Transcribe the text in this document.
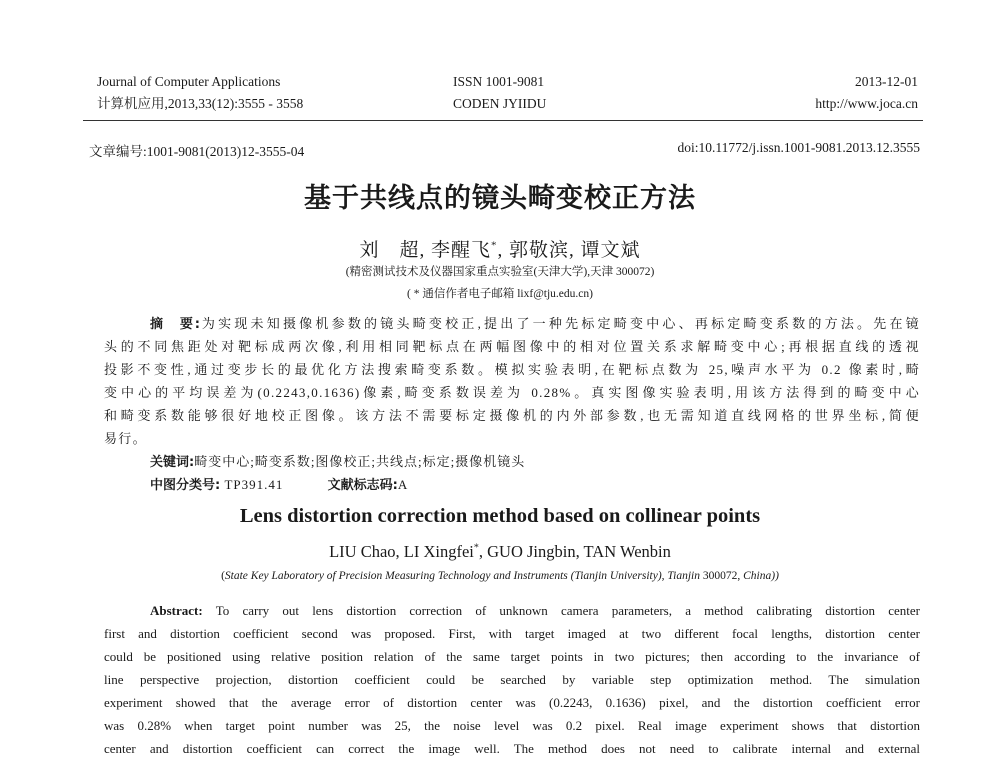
Journal of Computer Applications
计算机应用,2013,33(12):3555 - 3558
ISSN 1001-9081
CODEN JYIIDU
2013-12-01
http://www.joca.cn
文章编号:1001-9081(2013)12-3555-04	doi:10.11772/j.issn.1001-9081.2013.12.3555
基于共线点的镜头畸变校正方法
刘　超, 李醒飞*, 郭敬滨, 谭文斌
(精密测试技术及仪器国家重点实验室(天津大学),天津 300072)
( * 通信作者电子邮箱 lixf@tju.edu.cn)
摘　要:为实现未知摄像机参数的镜头畸变校正,提出了一种先标定畸变中心、再标定畸变系数的方法。先在镜
头的不同焦距处对靶标成两次像,利用相同靶标点在两幅图像中的相对位置关系求解畸变中心;再根据直线的透视
投影不变性,通过变步长的最优化方法搜索畸变系数。模拟实验表明,在靶标点数为 25,噪声水平为 0.2 像素时,畸
变中心的平均误差为(0.2243,0.1636)像素,畸变系数误差为 0.28%。真实图像实验表明,用该方法得到的畸变中心
和畸变系数能够很好地校正图像。该方法不需要标定摄像机的内外部参数,也无需知道直线网格的世界坐标,简便
易行。
关键词:畸变中心;畸变系数;图像校正;共线点;标定;摄像机镜头
中图分类号: TP391.41	文献标志码:A
Lens distortion correction method based on collinear points
LIU Chao, LI Xingfei*, GUO Jingbin, TAN Wenbin
(State Key Laboratory of Precision Measuring Technology and Instruments (Tianjin University), Tianjin 300072, China))
Abstract: To carry out lens distortion correction of unknown camera parameters, a method calibrating distortion center
first and distortion coefficient second was proposed. First, with target imaged at two different focal lengths, distortion center
could be positioned using relative position relation of the same target points in two pictures; then according to the invariance of
line perspective projection, distortion coefficient could be searched by variable step optimization method. The simulation
experiment showed that the average error of distortion center was (0.2243, 0.1636) pixel, and the distortion coefficient error
was 0.28% when target point number was 25, the noise level was 0.2 pixel. Real image experiment shows that distortion
center and distortion coefficient can correct the image well. The method does not need to calibrate internal and external
